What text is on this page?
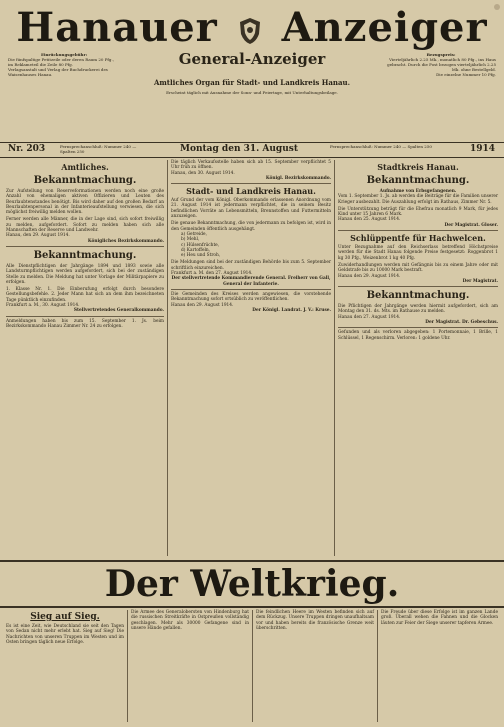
Hanauer Anzeiger
Einrückungsgebühr:
Die fünfspaltige Petitzeile oder deren Raum 20 Pfg., im Reklameteil die Zeile 80 Pfg.
Verlagsanstalt und Verlag der Buchdruckerei des Waisenhauses Hanau.
General-Anzeiger	Bezugspreis:
Vierteljährlich 2.25 Mk., monatlich 80 Pfg., ins Haus gebracht. Durch die Post bezogen vierteljährlich 2.25 Mk. ohne Bestellgeld.
Die einzelne Nummer 10 Pfg.
Amtliches Organ für Stadt- und Landkreis Hanau.
Erscheint täglich mit Ausnahme der Sonn- und Feiertage, mit Unterhaltungsbeilage.
Nr. 203	Fernsprechanschluß: Nummer 240 — Spalten 250	Montag den 31. August	Fernsprechanschluß: Nummer 240 — Spalten 250	1914
Amtliches.
Bekanntmachung.
Zur Aufstellung von Reserveformationen werden noch eine große Anzahl von ehemaligen aktiven Offizieren und Leuten des Beurlaubtenstandes benötigt. Bis wird daher auf den großen Bedarf an Beurlaubtenpersonal in der Infanterieaufstellung verwiesen, die sich möglichst freiwillig melden wollen.
Ferner werden alle Männer, die in der Lage sind, sich sofort freiwillig zu melden, aufgefordert. Sofort zu melden haben sich alle Mannschaften der Reserve und Landwehr.
Hanau, den 29. August 1914.
Königliches Bezirkskommando.
Bekanntmachung.
Alle Dienstpflichtigen der Jahrgänge 1894 und 1893 sowie alle Landsturmpflichtigen werden aufgefordert, sich bei der zuständigen Stelle zu melden. Die Meldung hat unter Vorlage der Militärpapiere zu erfolgen.
1. Klasse Nr. 1. Die Einberufung erfolgt durch besondere Gestellungsbefehle. 2. Jeder Mann hat sich an dem ihm bezeichneten Tage pünktlich einzufinden.
Frankfurt a. M., 30. August 1914.
Stellvertretendes Generalkommando.
Anmeldungen haben bis zum 15. September 1. Js. beim Bezirkskommando Hanau Zimmer Nr. 24 zu erfolgen.
Die täglich Verkaufsstelle haben sich ab 15. September verpflichtet 5 Uhr früh zu öffnen.
Hanau, den 30. August 1914.
Königl. Bezirkskommando.
Stadt- und Landkreis Hanau.
Auf Grund der vom Königl. Oberkommando erlassenen Anordnung vom 21. August 1914 ist jedermann verpflichtet, die in seinem Besitz befindlichen Vorräte an Lebensmitteln, Brennstoffen und Futtermitteln anzuzeigen.
Die genaue Bekanntmachung, die von jedermann zu befolgen ist, wird in den Gemeinden öffentlich ausgehängt.
a) Getreide,
b) Mehl,
c) Hülsenfrüchte,
d) Kartoffeln,
e) Heu und Stroh,
Die Meldungen sind bei der zuständigen Behörde bis zum 5. September schriftlich einzureichen.
Frankfurt a. M. den 27. August 1914.
Der stellvertretende Kommandierende General. Freiherr von Gall, General der Infanterie.
Die Gemeinden des Kreises werden angewiesen, die vorstehende Bekanntmachung sofort ortsüblich zu veröffentlichen.
Hanau den 29. August 1914.
Der Königl. Landrat. J. V.: Kruse.
Stadtkreis Hanau.
Bekanntmachung.
Aufnahme von Erbsgefangenen.
Vom 1. September 1. Js. ab werden die Beiträge für die Familien unserer Krieger ausbezahlt. Die Auszahlung erfolgt im Rathaus, Zimmer Nr. 5.
Die Unterstützung beträgt für die Ehefrau monatlich 9 Mark, für jedes Kind unter 15 Jahren 6 Mark.
Hanau den 25. August 1914.
Der Magistrat. Gloser.
Schlüppentfe für Hachwelcen.
Unter Bezugnahme auf den Reichserlass betreffend Höchstpreise werden für die Stadt Hanau folgende Preise festgesetzt: Roggenbrot 1 kg 30 Pfg., Weizenbrot 1 kg 40 Pfg.
Zuwiderhandlungen werden mit Gefängnis bis zu einem Jahre oder mit Geldstrafe bis zu 10000 Mark bestraft.
Hanau den 29. August 1914.
Der Magistrat.
Bekanntmachung.
Die Pflichtigen der Jahrgänge werden hiermit aufgefordert, sich am Montag den 31. ds. Mts. im Rathause zu melden.
Hanau den 27. August 1914.
Der Magistrat. Dr. Gebeschus.
Gefunden und als verloren abgegeben: 1 Portemonnaie, 1 Brille, 1 Schlüssel, 1 Regenschirm. Verloren: 1 goldene Uhr.
Der Weltkrieg.
Sieg auf Sieg.
Es ist eine Zeit, wie Deutschland sie seit den Tagen von Sedan nicht mehr erlebt hat. Sieg auf Sieg! Die Nachrichten von unseren Truppen im Westen und im Osten bringen täglich neue Erfolge.
Die Armee des Generalobersten von Hindenburg hat die russischen Streitkräfte in Ostpreußen vollständig geschlagen. Mehr als 30000 Gefangene sind in unsere Hände gefallen.
Die feindlichen Heere im Westen befinden sich auf dem Rückzug. Unsere Truppen dringen unaufhaltsam vor und haben bereits die französische Grenze weit überschritten.
Die Freude über diese Erfolge ist im ganzen Lande groß. Überall wehen die Fahnen und die Glocken läuten zur Feier der Siege unserer tapferen Armee.
